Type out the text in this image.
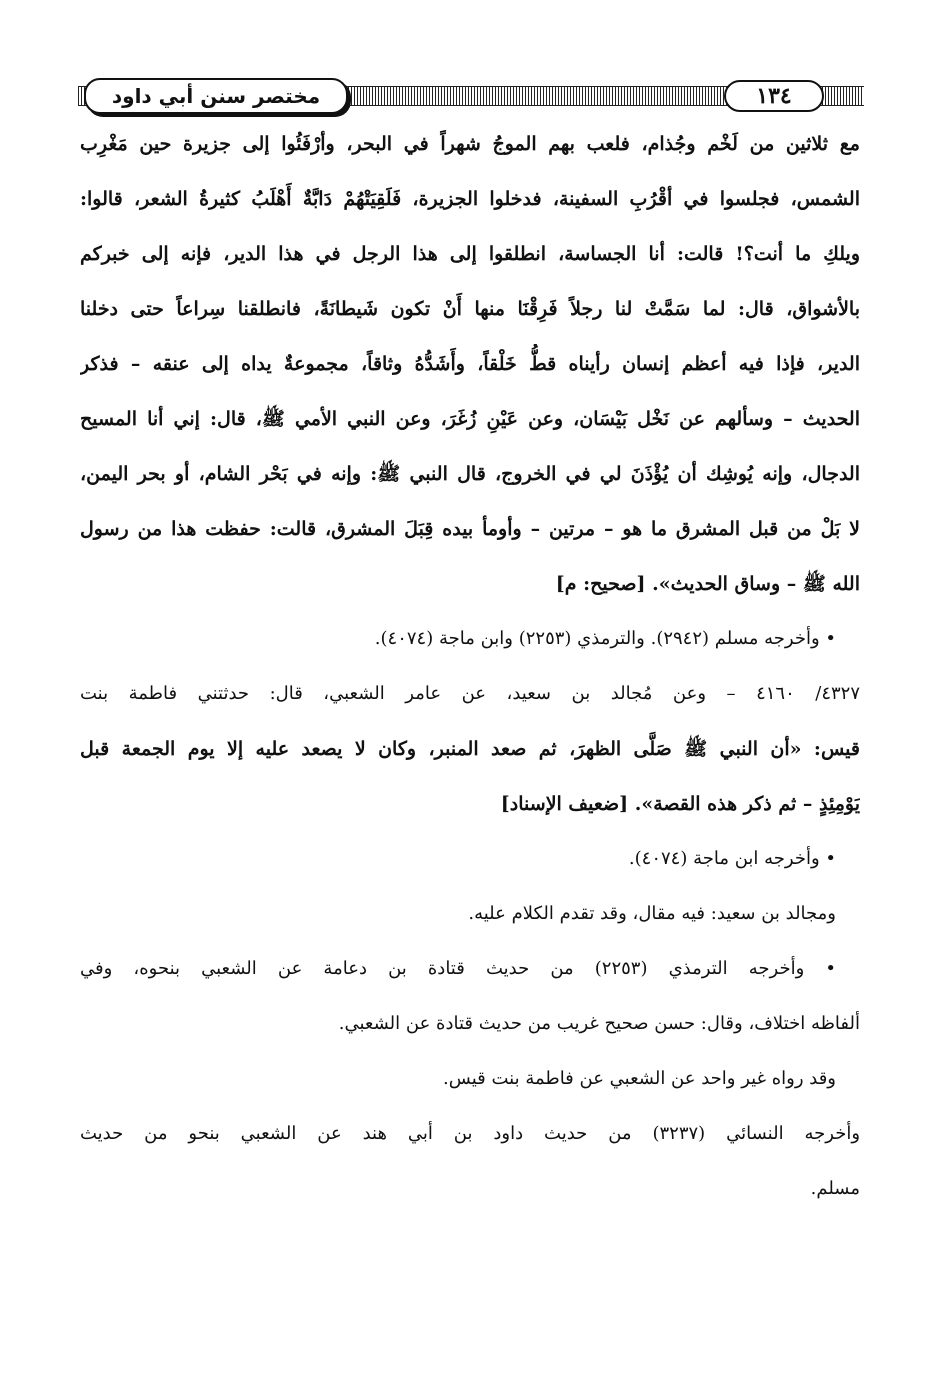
مختصر سنن أبي داود	١٣٤
مع ثلاثين من لَخْم وجُذام، فلعب بهم الموجُ شهراً في البحر، وأرْفَئُوا إلى جزيرة حين مَغْرِب
الشمس، فجلسوا في أقْرُبِ السفينة، فدخلوا الجزيرة، فَلَقِيَتْهُمْ دَابَّةٌ أَهْلَبُ كثيرةُ الشعر، قالوا:
ويلكِ ما أنت؟! قالت: أنا الجساسة، انطلقوا إلى هذا الرجل في هذا الدير، فإنه إلى خبركم
بالأشواق، قال: لما سَمَّتْ لنا رجلاً فَرِقْنَا منها أَنْ تكون شَيطانَةً، فانطلقنا سِراعاً حتى دخلنا
الدير، فإذا فيه أعظم إنسان رأيناه قطُّ خَلْقاً، وأَشَدُّهُ وثاقاً، مجموعةٌ يداه إلى عنقه – فذكر
الحديث – وسألهم عن نَخْل بَيْسَان، وعن عَيْنِ زُغَرَ، وعن النبي الأمي ﷺ، قال: إني أنا المسيح
الدجال، وإنه يُوشِك أن يُؤْذَنَ لي في الخروج، قال النبي ﷺ: وإنه في بَحْر الشام، أو بحر اليمن،
لا بَلْ من قبل المشرق ما هو – مرتين – وأومأ بيده قِبَلَ المشرق، قالت: حفظت هذا من رسول
الله ﷺ – وساق الحديث». [صحيح: م]
• وأخرجه مسلم (٢٩٤٢). والترمذي (٢٢٥٣) وابن ماجة (٤٠٧٤).
٤٣٢٧/ ٤١٦٠ – وعن مُجالد بن سعيد، عن عامر الشعبي، قال: حدثتني فاطمة بنت
قيس: «أن النبي ﷺ صَلَّى الظهرَ، ثم صعد المنبر، وكان لا يصعد عليه إلا يوم الجمعة قبل
يَوْمِئِذٍ – ثم ذكر هذه القصة». [ضعيف الإسناد]
• وأخرجه ابن ماجة (٤٠٧٤).
ومجالد بن سعيد: فيه مقال، وقد تقدم الكلام عليه.
• وأخرجه الترمذي (٢٢٥٣) من حديث قتادة بن دعامة عن الشعبي بنحوه، وفي
ألفاظه اختلاف، وقال: حسن صحيح غريب من حديث قتادة عن الشعبي.
وقد رواه غير واحد عن الشعبي عن فاطمة بنت قيس.
وأخرجه النسائي (٣٢٣٧) من حديث داود بن أبي هند عن الشعبي بنحو من حديث
مسلم.
